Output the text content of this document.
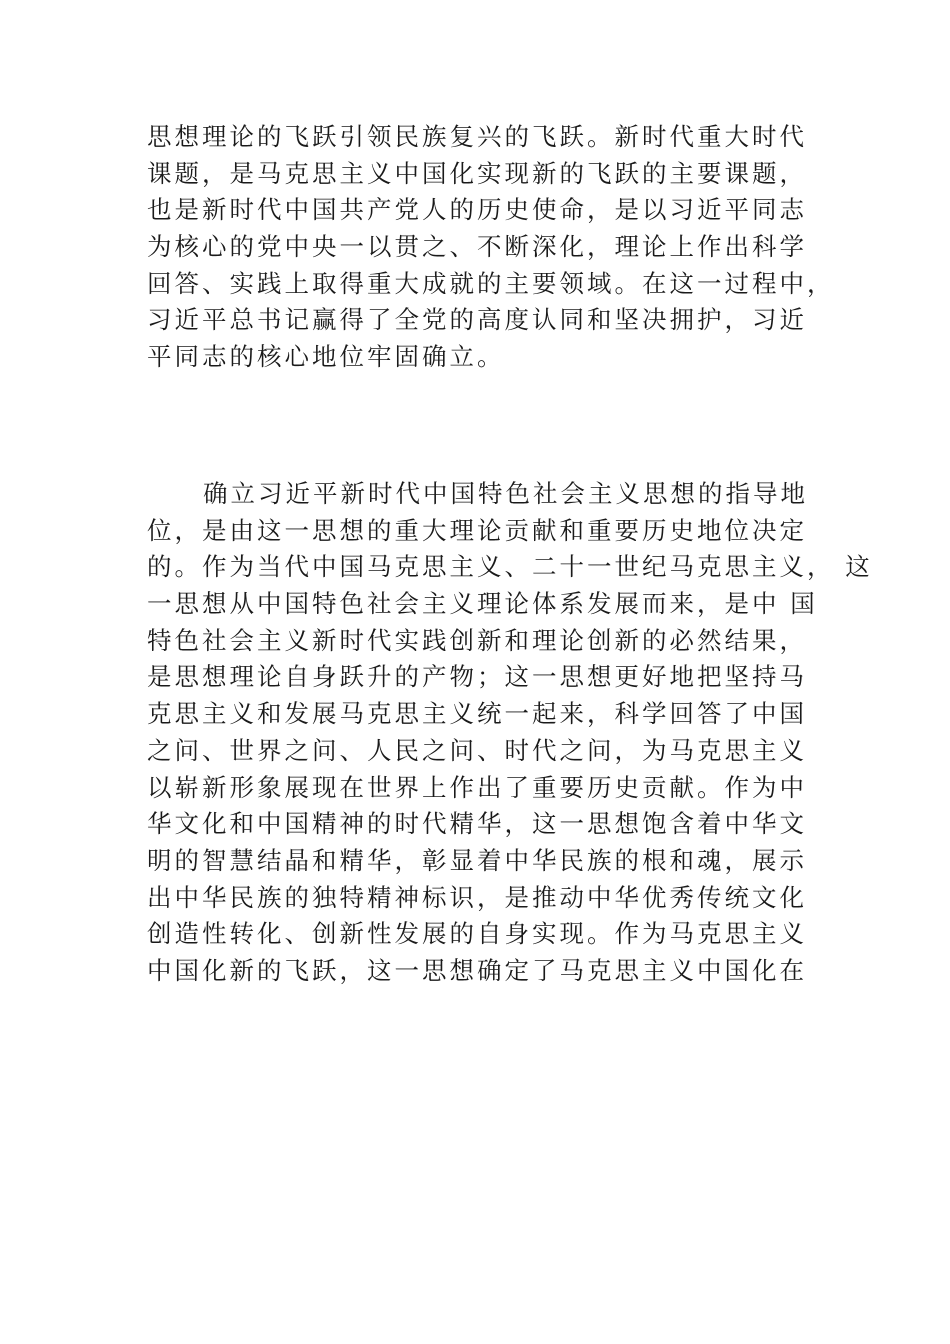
思想理论的飞跃引领民族复兴的飞跃。新时代重大时代
课题，是马克思主义中国化实现新的飞跃的主要课题，
也是新时代中国共产党人的历史使命，是以习近平同志
为核心的党中央一以贯之、不断深化，理论上作出科学
回答、实践上取得重大成就的主要领域。在这一过程中，
习近平总书记赢得了全党的高度认同和坚决拥护，习近
平同志的核心地位牢固确立。
确立习近平新时代中国特色社会主义思想的指导地
位，是由这一思想的重大理论贡献和重要历史地位决定
的。作为当代中国马克思主义、二十一世纪马克思主义， 这
一思想从中国特色社会主义理论体系发展而来，是中 国
特色社会主义新时代实践创新和理论创新的必然结果，
是思想理论自身跃升的产物；这一思想更好地把坚持马
克思主义和发展马克思主义统一起来，科学回答了中国
之问、世界之问、人民之问、时代之问，为马克思主义
以崭新形象展现在世界上作出了重要历史贡献。作为中
华文化和中国精神的时代精华，这一思想饱含着中华文
明的智慧结晶和精华，彰显着中华民族的根和魂，展示
出中华民族的独特精神标识，是推动中华优秀传统文化
创造性转化、创新性发展的自身实现。作为马克思主义
中国化新的飞跃，这一思想确定了马克思主义中国化在
